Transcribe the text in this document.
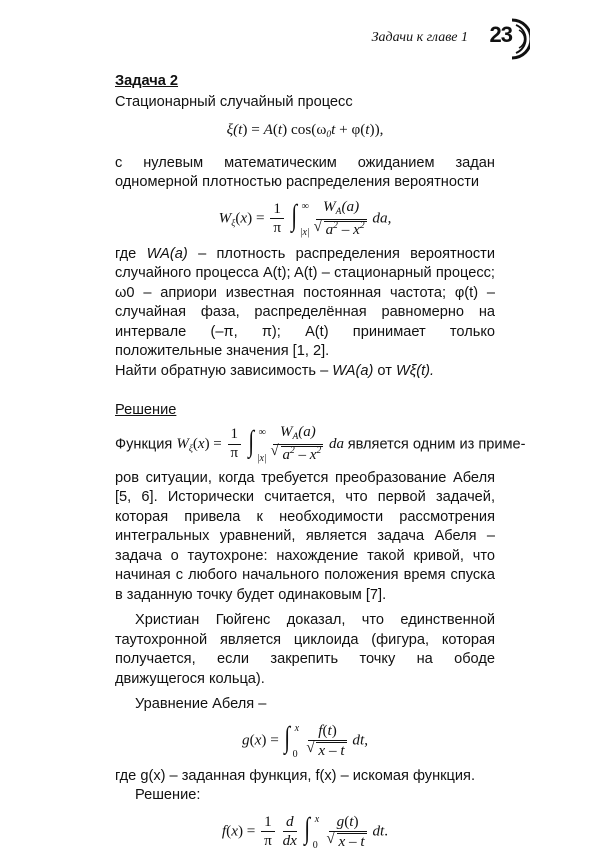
Задачи к главе 1 23

Задача 2

Стационарный случайный процесс

ξ(t) = A(t) $\cos(\omega_0t + \varphi(t))$,

с нулевым математическим ожиданием задан одномерной плотностью распределения вероятности

$W_\xi(x) = \frac{1}{\pi}$
∫ ∞
|x|
$W_A(a)$
√ $a^2 - x^2$ da,

где WA(a) – плотность распределения вероятности случайного процесса A(t); A(t) – стационарный процесс; ω0 – априори известная постоянная частота; φ(t) – случайная фаза, распределённая равномерно на интервале (–π, π); A(t) принимает только положительные значения [1, 2].

Найти обратную зависимость – WA(a) от Wξ(t).

Решение

Функция $W_\xi(x) = \frac{1}{\pi}$
∫ ∞
|x|
$W_A(a)$
√ $a^2 - x^2$ da является одним из приме-

ров ситуации, когда требуется преобразование Абеля [5, 6]. Исторически считается, что первой задачей, которая привела к необходимости рассмотрения интегральных уравнений, является задача Абеля – задача о таутохроне: нахождение такой кривой, что начиная с любого начального положения время спуска в заданную точку будет одинаковым [7].

Христиан Гюйгенс доказал, что единственной таутохронной является циклоида (фигура, которая получается, если закрепить точку на ободе движущегося кольца).

Уравнение Абеля –

g(x) = ∫ x
0
f(t)
√ x – t dt,

где g(x) – заданная функция, f(x) – искомая функция.

Решение:

$f(x) = \frac{1}{\pi}$
$\frac{d}{dx}$
∫ x
0
g(t)
√ x – t dt.
